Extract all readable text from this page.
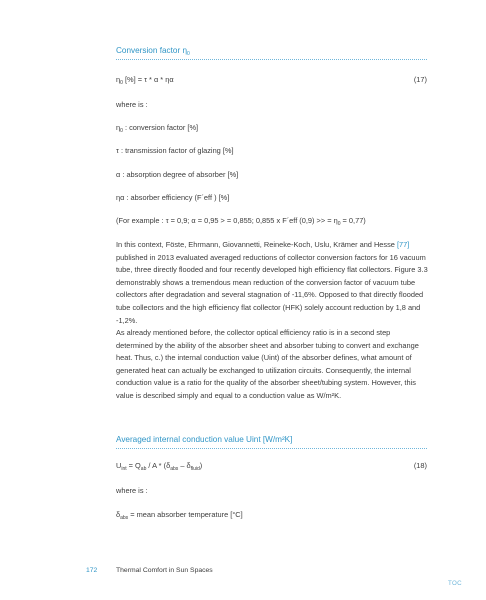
Conversion factor $\eta_0$
$\eta_0$ [%] = τ * α * ηα	(17)
where is :
$\eta_0$ : conversion factor [%]
τ : transmission factor of glazing [%]
α : absorption degree of absorber [%]
ηα : absorber efficiency (F´eff ) [%]
(For example : τ = 0,9; α = 0,95 > = 0,855; 0,855 x F´eff (0,9) >> = $\eta_0 = 0,77$)

In this context, Föste, Ehrmann, Giovannetti, Reineke-Koch, Uslu, Krämer and Hesse [77] published in 2013 evaluated averaged reductions of collector conversion factors for 16 vacuum tube, three directly flooded and four recently developed high efficiency flat collectors. Figure 3.3 demonstrably shows a tremendous mean reduction of the conversion factor of vacuum tube collectors after degradation and several stagnation of -11,6%. Opposed to that directly flooded tube collectors and the high efficiency flat collector (HFK) solely account reduction by 1,8 and -1,2%.

As already mentioned before, the collector optical efficiency ratio is in a second step determined by the ability of the absorber sheet and absorber tubing to convert and exchange heat. Thus, c.) the internal conduction value (Uint) of the absorber defines, what amount of generated heat can actually be exchanged to utilization circuits. Consequently, the internal conduction value is a ratio for the quality of the absorber sheet/tubing system. However, this value is described simply and equal to a conduction value as W/m²K.

Averaged internal conduction value Uint [W/m²K]
$U_{int} = Q_{ab} / A * (\delta_{abs} - \delta_{fluid})$	(18)
where is :
$\delta_{abs}$ = mean absorber temperature [°C]
172	Thermal Comfort in Sun Spaces
TOC
